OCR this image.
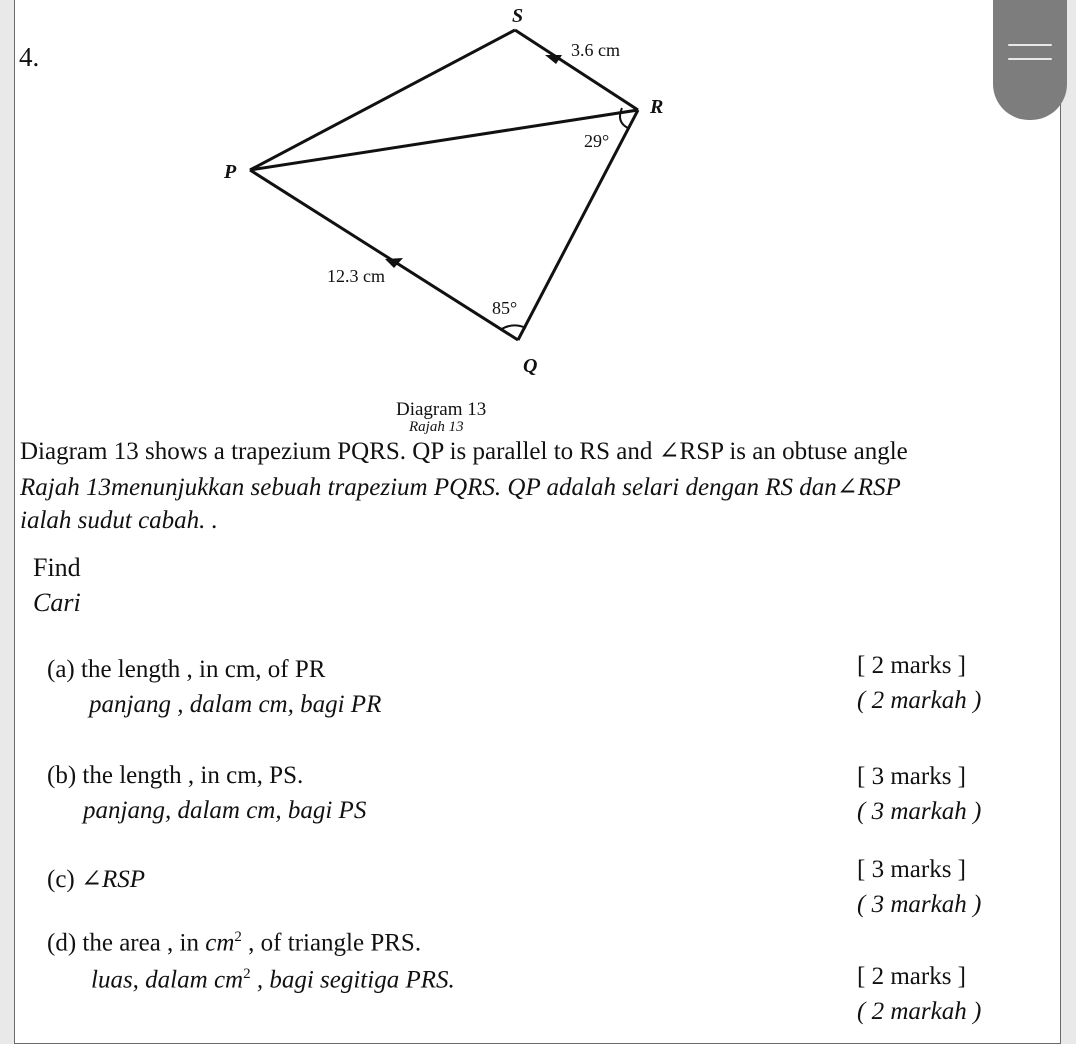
4.
S
R
P
Q
3.6 cm
12.3 cm
29°
85°
Diagram 13
Rajah 13
Diagram 13 shows a trapezium PQRS. QP is parallel to RS and ∠RSP is an obtuse angle
Rajah 13menunjukkan sebuah trapezium PQRS. QP adalah selari dengan RS dan∠RSP
ialah sudut cabah. .
Find
Cari
(a) the length , in cm, of PR
panjang , dalam cm, bagi PR
[ 2 marks ]
( 2 markah )
(b) the length , in cm, PS.
panjang, dalam cm, bagi PS
[ 3 marks ]
( 3 markah )
(c) ∠RSP	[ 3 marks ]
( 3 markah )
(d) the area , in $cm^2$ , of triangle PRS.
luas, dalam $cm^2$ , bagi segitiga PRS.	[ 2 marks ]
( 2 markah )
